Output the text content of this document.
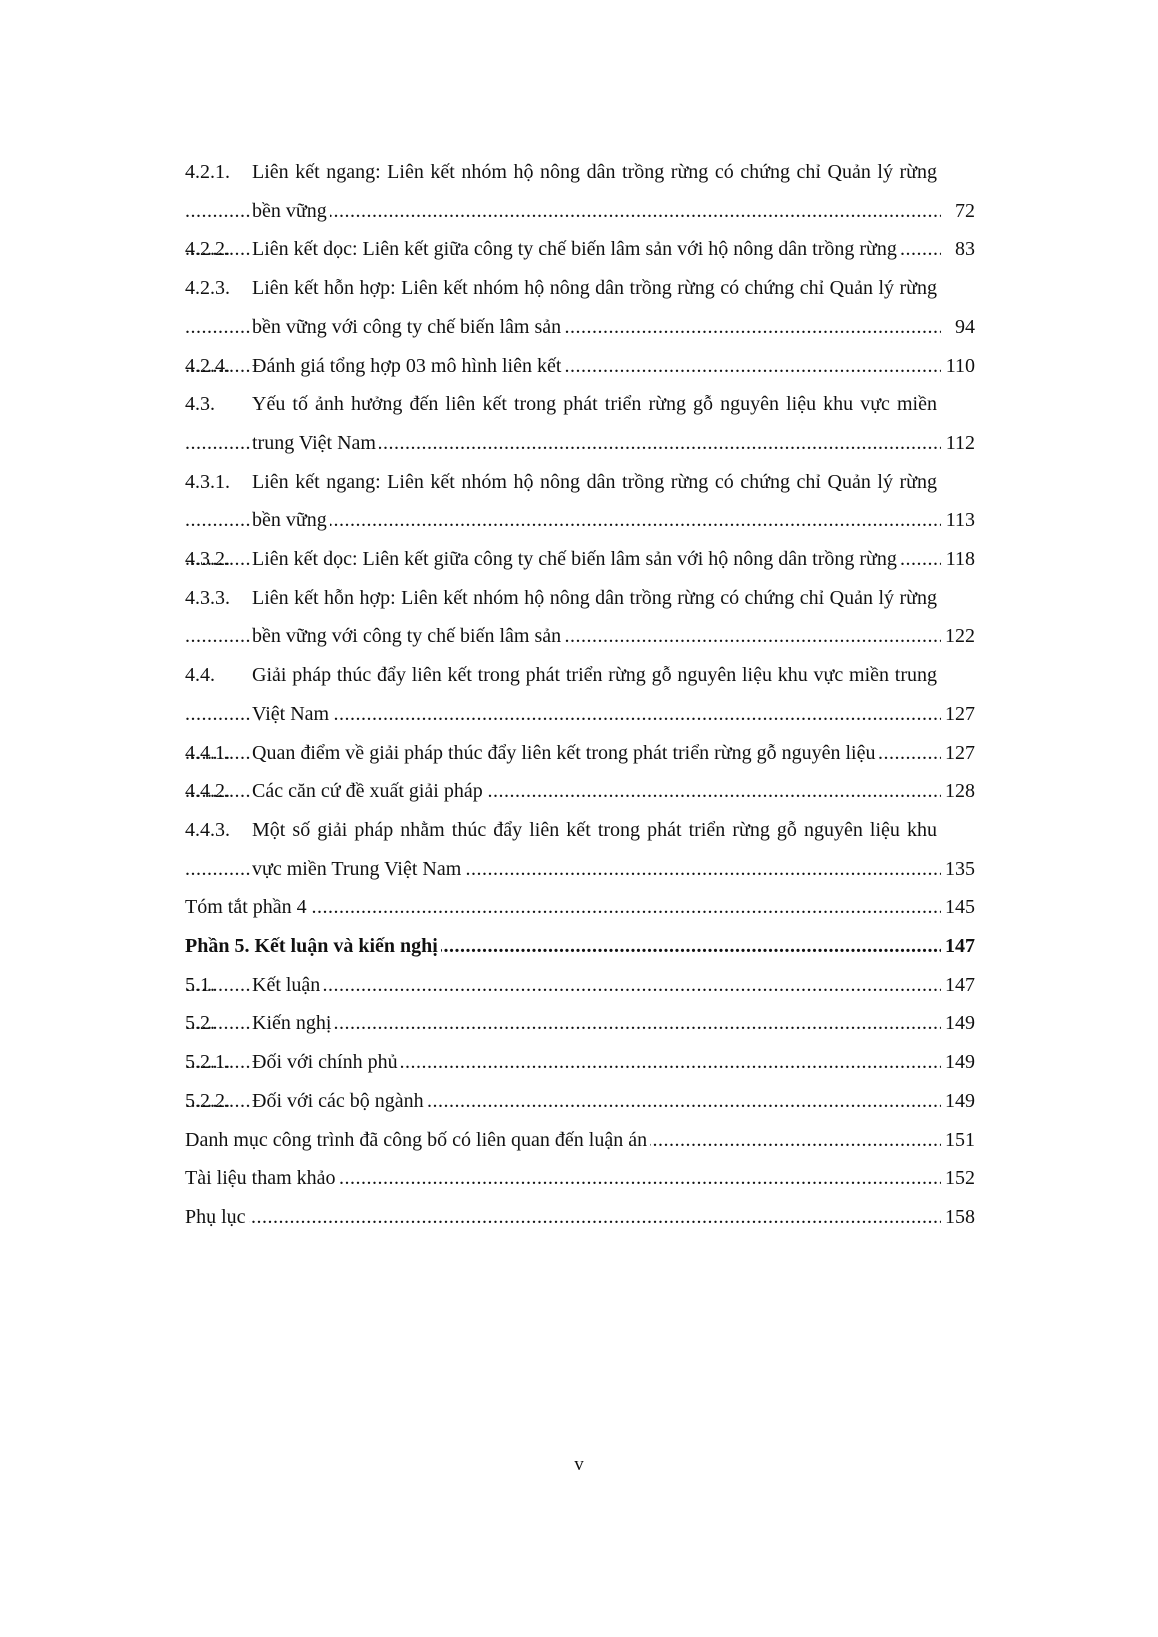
4.2.1.
..... Liên kết ngang: Liên kết nhóm hộ nông dân trồng rừng có chứng chỉ Quản lý rừng bền vững	72
4.2.2. ..... Liên kết dọc: Liên kết giữa công ty chế biến lâm sản với hộ nông dân trồng rừng	83
4.2.3.
..... Liên kết hỗn hợp: Liên kết nhóm hộ nông dân trồng rừng có chứng chỉ Quản lý rừng bền vững với công ty chế biến lâm sản	94
4.2.4. ..... Đánh giá tổng hợp 03 mô hình liên kết	110
4.3.
..... Yếu tố ảnh hưởng đến liên kết trong phát triển rừng gỗ nguyên liệu khu vực miền trung Việt Nam	112
4.3.1.
..... Liên kết ngang: Liên kết nhóm hộ nông dân trồng rừng có chứng chỉ Quản lý rừng bền vững	113
4.3.2. ..... Liên kết dọc: Liên kết giữa công ty chế biến lâm sản với hộ nông dân trồng rừng 118
4.3.3.
..... Liên kết hỗn hợp: Liên kết nhóm hộ nông dân trồng rừng có chứng chỉ Quản lý rừng bền vững với công ty chế biến lâm sản	122
4.4.
..... Giải pháp thúc đẩy liên kết trong phát triển rừng gỗ nguyên liệu khu vực miền trung Việt Nam	127
4.4.1. ..... Quan điểm về giải pháp thúc đẩy liên kết trong phát triển rừng gỗ nguyên liệu	127
4.4.2. ..... Các căn cứ đề xuất giải pháp	128
4.4.3.
..... Một số giải pháp nhằm thúc đẩy liên kết trong phát triển rừng gỗ nguyên liệu khu vực miền Trung Việt Nam	135
.....
Tóm tắt phần 4	145
.....
Phần 5. Kết luận và kiến nghị	147
5.1. ..... Kết luận	147
5.2. ..... Kiến nghị	149
5.2.1. ..... Đối với chính phủ	149
5.2.2. ..... Đối với các bộ ngành	149
.....
Danh mục công trình đã công bố có liên quan đến luận án	151
.....
Tài liệu tham khảo	152
.....
Phụ lục	158
v
